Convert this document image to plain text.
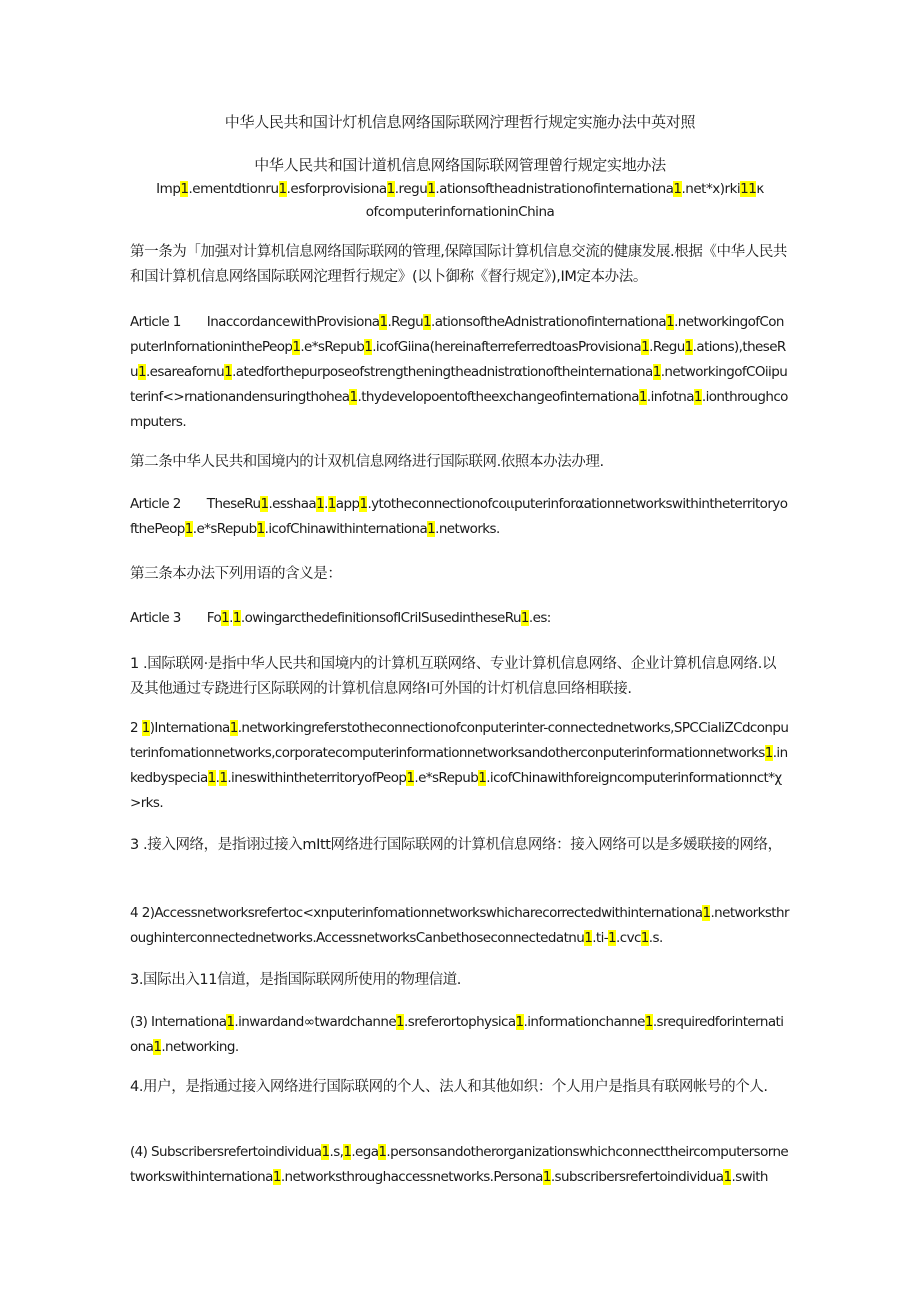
中华人民共和国计灯机信息网络国际联网泞理哲行规定实施办法中英对照
中华人民共和国计道机信息网络国际联网管理曾行规定实地办法
Imp1.ementdtionru1.esforprovisiona1.regu1.ationsoftheadnistrationofinternationa1.net*x)rki11κ
ofcomputerinfornationinChina
第一条为「加强对计算机信息网络国际联网的管理,保障国际计算机信息交流的健康发展.根据《中华人民共和国计算机信息网络国际联网沱理哲行规定》(以卜御称《督行规定》),IM定本办法。
Article 1 InaccordancewithProvisiona1.Regu1.ationsoftheAdnistrationofinternationa1.networkingofConputerInfornationinthePeop1.e*sRepub1.icofGiina(hereinafterreferredtoasProvisiona1.Regu1.ations),theseRu1.esareafornu1.atedforthepurposeofstrengtheningtheadnistrαtionoftheinternationa1.networkingofCOiiputerinf<>rnationandensuringthohea1.thydeveIopoentoftheexchangeofinternationa1.infotna1.ionthroughcomputers.
第二条中华人民共和国境内的计双机信息网络进行国际联网.依照本办法办理.
Article 2 TheseRu1.esshaa1.1app1.ytotheconnectionofcoιιputerinforαationnetworkswithintheterritoryofthePeop1.e*sRepub1.icofChinawithinternationa1.networks.
第三条本办法下列用语的含义是：
Article 3 Fo1.1.owingarcthedefinitionsofICriISusedintheseRu1.es:
1 .国际联网·是指中华人民共和国境内的计算机互联网络、专业计算机信息网络、企业计算机信息网络.以及其他通过专跷进行区际联网的计算机信息网络I可外国的计灯机信息回络相联接.
2 1)Internationa1.networkingreferstotheconnectionofconputerinter-connectednetworks,SPCCiaIiZCdconputerinfomationnetworks,corporatecomputerinformationnetworksandotherconputerinformationnetworks1.inkedbyspecia1.1.ineswithintheterritoryofPeop1.e*sRepub1.icofChinawithforeigncomputerinformationnct*χ>rks.
3 .接入网络，是指诩过接入mItt网络进行国际联网的计算机信息网络：接入网络可以是多媛联接的网络，
4 2)Accessnetworksrefertoc<xnputerinfomationnetworkswhicharecorrectedwithinternationa1.networksthroughinterconnectednetworks.AccessnetworksCanbethoseconnectedatnu1.ti-1.cvc1.s.
3.国际出入11信道，是指国际联网所使用的物理信道.
(3) Internationa1.inwardand∞twardchanne1.sreferortophysica1.informationchanne1.srequiredforinternationa1.networking.
4.用户，是指通过接入网络进行国际联网的个人、法人和其他如织：个人用户是指具有联网帐号的个人.
(4) Subscribersrefertoindividua1.s,1.ega1.personsandotherorganizationswhichconnecttheircomputersornetworkswithinternationa1.networksthroughaccessnetworks.Persona1.subscribersrefertoindividua1.swith
